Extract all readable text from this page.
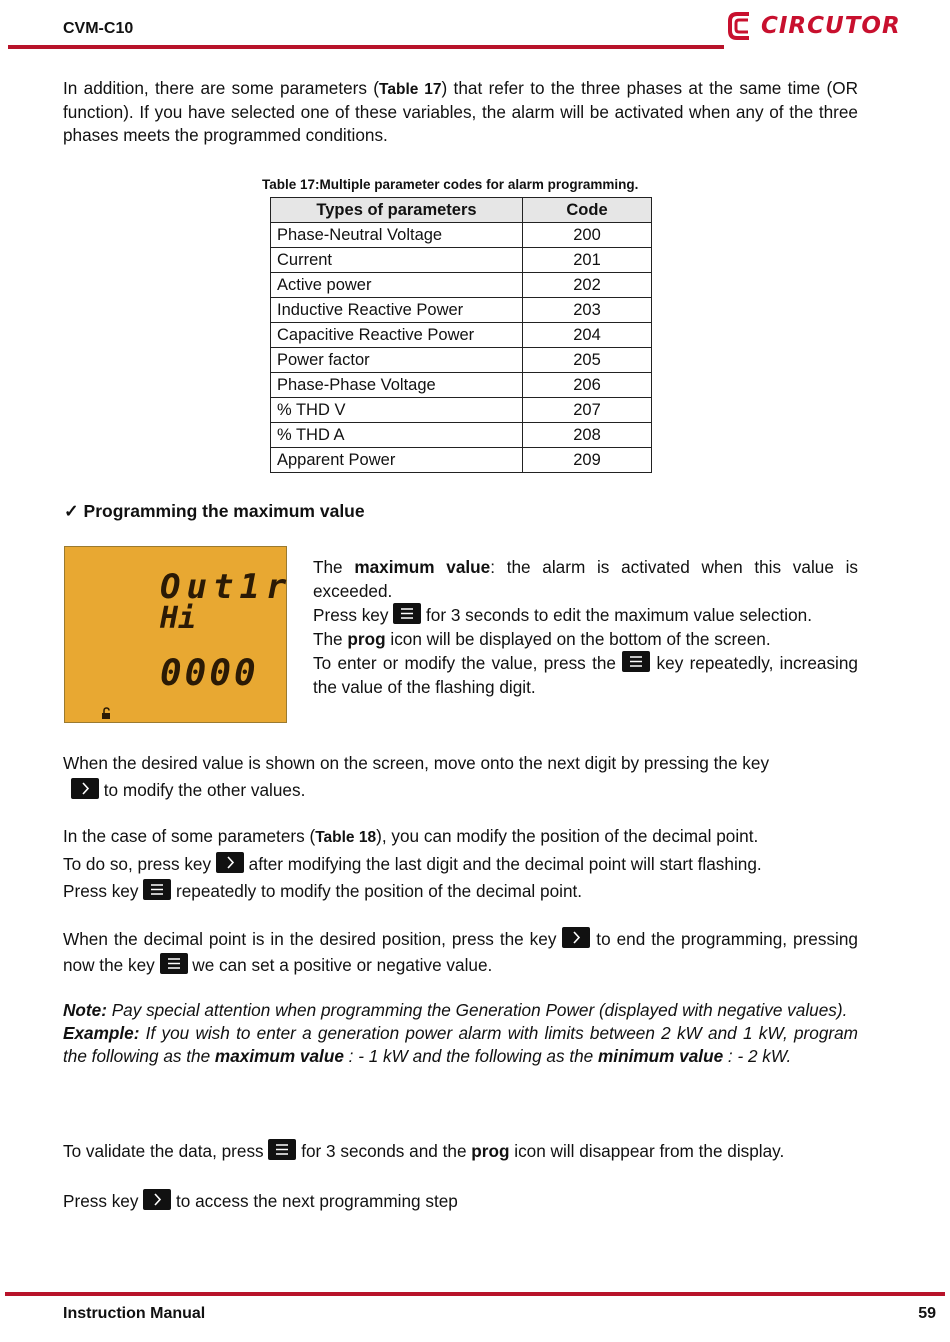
CVM-C10	CIRCUTOR
In addition, there are some parameters (Table 17) that refer to the three phases at the same time (OR function). If you have selected one of these variables, the alarm will be activated when any of the three phases meets the programmed conditions.
Table 17:Multiple parameter codes for alarm programming.
Types of parameters	Code
Phase-Neutral Voltage	200
Current	201
Active power	202
Inductive Reactive Power	203
Capacitive Reactive Power	204
Power factor	205
Phase-Phase Voltage	206
% THD V	207
% THD A	208
Apparent Power	209
✓ Programming the maximum value
Out1r
Hi
0000
The maximum value: the alarm is activated when this value is exceeded.
Press key
for 3 seconds to edit the maximum value selection.
The prog icon will be displayed on the bottom of the screen.
To enter or modify the value, press the
key repeatedly, increasing the value of the flashing digit.
When the desired value is shown on the screen, move onto the next digit by pressing the key

to modify the other values.
In the case of some parameters (Table 18), you can modify the position of the decimal point.
To do so, press key
after modifying the last digit and the decimal point will start flashing.
Press key
repeatedly to modify the position of the decimal point.
When the decimal point is in the desired position, press the key
to end the programming, pressing now the key
we can set a positive or negative value.
Note: Pay special attention when programming the Generation Power (displayed with negative values).
Example: If you wish to enter a generation power alarm with limits between 2 kW and 1 kW, program the following as the maximum value : - 1 kW and the following as the minimum value : - 2 kW.
To validate the data, press
for 3 seconds and the prog icon will disappear from the display.
Press key
to access the next programming step
Instruction Manual	59
